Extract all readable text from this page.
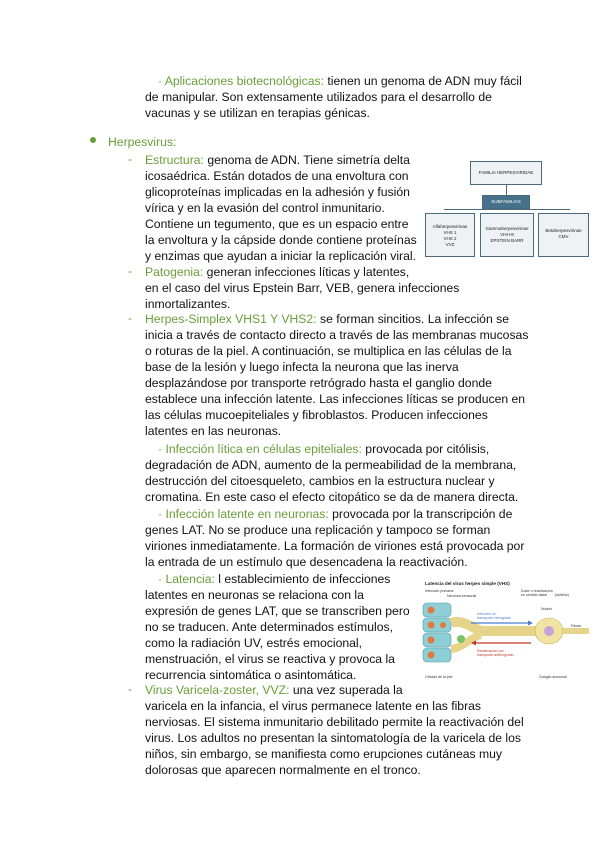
· Aplicaciones biotecnológicas: tienen un genoma de ADN muy fácil
de manipular. Son extensamente utilizados para el desarrollo de
vacunas y se utilizan en terapias génicas.
Herpesvirus:
- Estructura: genoma de ADN. Tiene simetría delta
icosaédrica. Están dotados de una envoltura con
glicoproteínas implicadas en la adhesión y fusión
vírica y en la evasión del control inmunitario.
Contiene un tegumento, que es un espacio entre
la envoltura y la cápside donde contiene proteínas
y enzimas que ayudan a iniciar la replicación viral.
FAMILIA HERPESVIRIDAE
SUBFAMILIAS
Alfaherpesvirinae
VHS 1
VHS 2
VVZ
Gammaherpesvirinae
VHH-8
EPSTEIN BARR
Betaherpesvirinae
CMV
- Patogenia: generan infecciones líticas y latentes,
en el caso del virus Epstein Barr, VEB, genera infecciones
inmortalizantes.
- Herpes-Simplex VHS1 Y VHS2: se forman sincitios. La infección se
inicia a través de contacto directo a través de las membranas mucosas
o roturas de la piel. A continuación, se multiplica en las células de la
base de la lesión y luego infecta la neurona que las inerva
desplazándose por transporte retrógrado hasta el ganglio donde
establece una infección latente. Las infecciones líticas se producen en
las células mucoepiteliales y fibroblastos. Producen infecciones
latentes en las neuronas.
· Infección lítica en células epiteliales: provocada por citólisis,
degradación de ADN, aumento de la permeabilidad de la membrana,
destrucción del citoesqueleto, cambios en la estructura nuclear y
cromatina. En este caso el efecto citopático se da de manera directa.
· Infección latente en neuronas: provocada por la transcripción de
genes LAT. No se produce una replicación y tampoco se forman
viriones inmediatamente. La formación de viriones está provocada por
la entrada de un estímulo que desencadena la reactivación.
· Latencia: l establecimiento de infecciones
latentes en neuronas se relaciona con la
expresión de genes LAT, que se transcriben pero
no se traducen. Ante determinados estímulos,
como la radiación UV, estrés emocional,
menstruación, el virus se reactiva y provoca la
recurrencia sintomática o asintomática.
Latencia del virus herpes simple (VHS)
Infección primaria
Neurona sensorial
Dolor o reactivación
en sentido distal (epitelio)
Infección en
transporte retrógrado
Reactivación por
transporte anterógrado
Células de la piel	Ganglio sensorial
Núcleo
Fibras
- Virus Varicela-zoster, VVZ: una vez superada la
varicela en la infancia, el virus permanece latente en las fibras
nerviosas. El sistema inmunitario debilitado permite la reactivación del
virus. Los adultos no presentan la sintomatología de la varicela de los
niños, sin embargo, se manifiesta como erupciones cutáneas muy
dolorosas que aparecen normalmente en el tronco.
